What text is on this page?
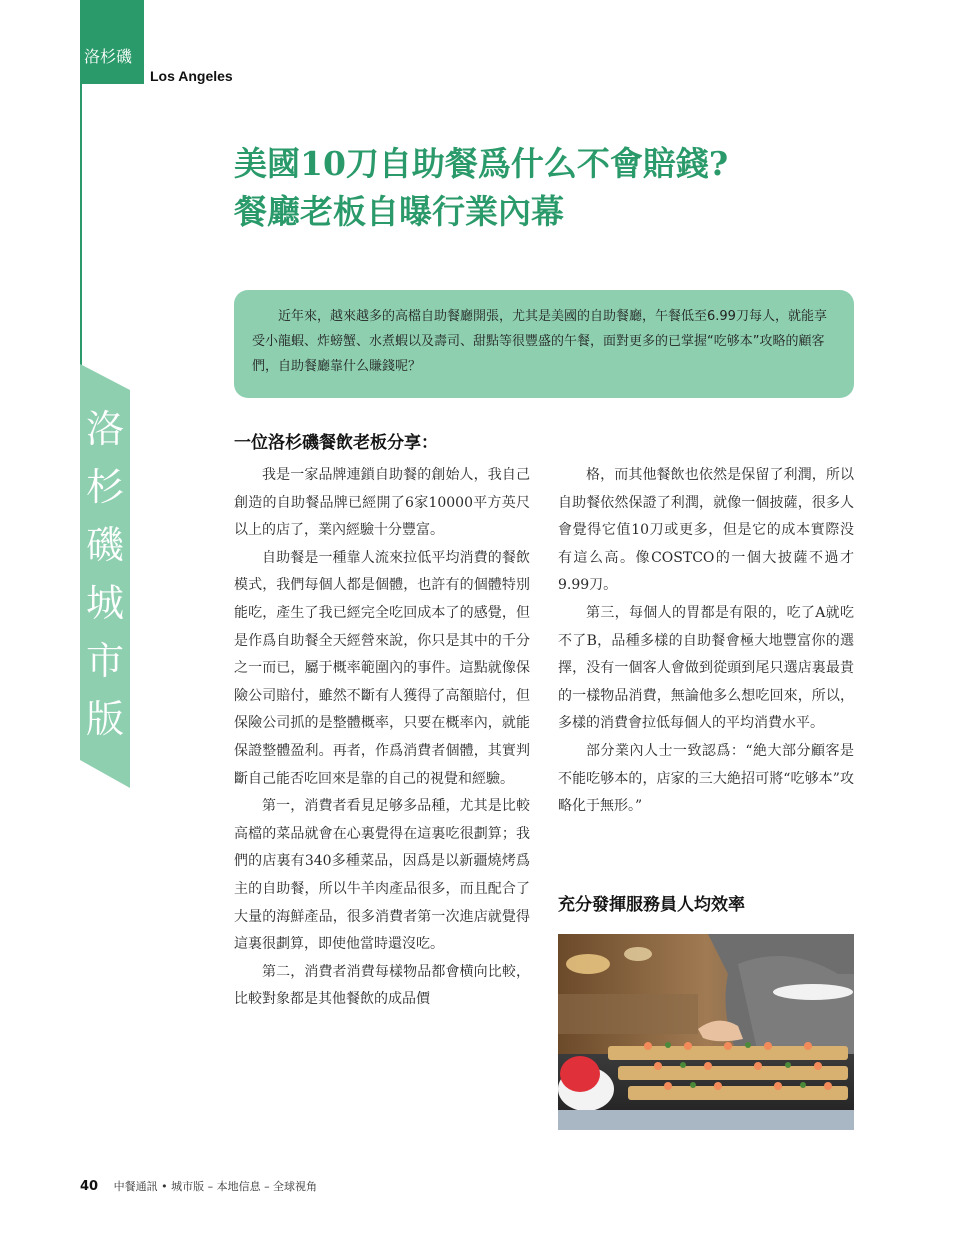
洛杉磯
Los Angeles
洛杉磯城市版
美國10刀自助餐爲什么不會賠錢?
餐廳老板自曝行業內幕
近年來，越來越多的高檔自助餐廳開張，尤其是美國的自助餐廳，午餐低至6.99刀每人，就能享受小龍蝦、炸螃蟹、水煮蝦以及壽司、甜點等很豐盛的午餐，面對更多的已掌握“吃够本”攻略的顧客們，自助餐廳靠什么賺錢呢？
一位洛杉磯餐飲老板分享：

我是一家品牌連鎖自助餐的創始人，我自己創造的自助餐品牌已經開了6家10000平方英尺以上的店了，業內經驗十分豐富。

自助餐是一種靠人流來拉低平均消費的餐飲模式，我們每個人都是個體，也許有的個體特別能吃，產生了我已經完全吃回成本了的感覺，但是作爲自助餐全天經營來說，你只是其中的千分之一而已，屬于概率範圍內的事件。這點就像保險公司賠付，雖然不斷有人獲得了高額賠付，但保險公司抓的是整體概率，只要在概率內，就能保證整體盈利。再者，作爲消費者個體，其實判斷自己能否吃回來是靠的自己的視覺和經驗。

第一，消費者看見足够多品種，尤其是比較高檔的菜品就會在心裏覺得在這裏吃很劃算；我們的店裏有340多種菜品，因爲是以新疆燒烤爲主的自助餐，所以牛羊肉產品很多，而且配合了大量的海鮮產品，很多消費者第一次進店就覺得這裏很劃算，即使他當時還沒吃。

第二，消費者消費每樣物品都會横向比較，比較對象都是其他餐飲的成品價

格，而其他餐飲也依然是保留了利潤，所以自助餐依然保證了利潤，就像一個披薩，很多人會覺得它值10刀或更多，但是它的成本實際没有這么高。像COSTCO的一個大披薩不過才9.99刀。

第三，每個人的胃都是有限的，吃了A就吃不了B，品種多樣的自助餐會極大地豐富你的選擇，没有一個客人會做到從頭到尾只選店裏最貴的一樣物品消費，無論他多么想吃回來，所以，多樣的消費會拉低每個人的平均消費水平。

部分業內人士一致認爲：“絶大部分顧客是不能吃够本的，店家的三大絶招可將“吃够本”攻略化于無形。”

充分發揮服務員人均效率
40 中餐通訊 • 城市版 – 本地信息 – 全球視角
